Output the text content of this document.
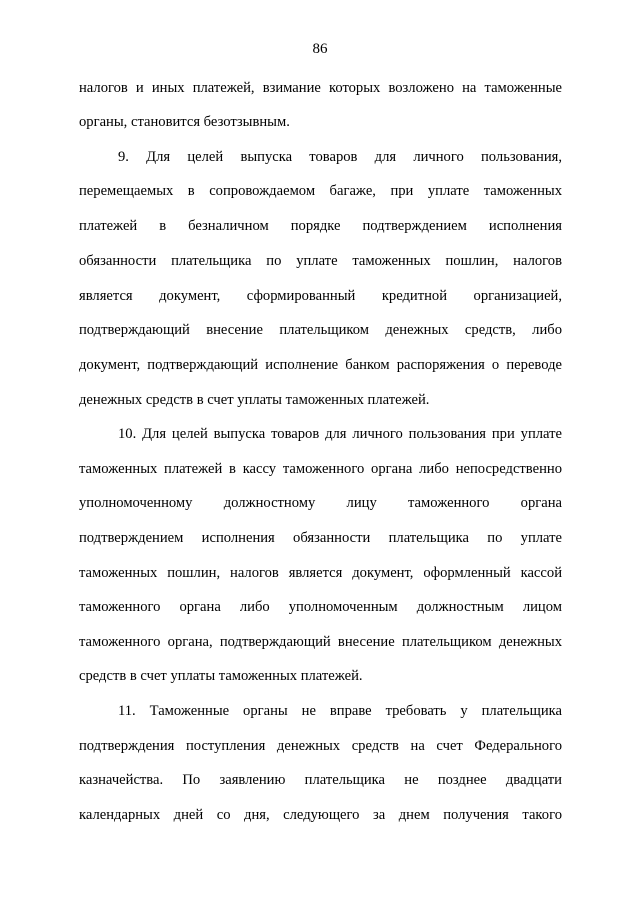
86
налогов и иных платежей, взимание которых возложено на таможенные
органы, становится безотзывным.
9. Для целей выпуска товаров для личного пользования,
перемещаемых в сопровождаемом багаже, при уплате таможенных
платежей в безналичном порядке подтверждением исполнения
обязанности плательщика по уплате таможенных пошлин, налогов
является документ, сформированный кредитной организацией,
подтверждающий внесение плательщиком денежных средств, либо
документ, подтверждающий исполнение банком распоряжения о переводе
денежных средств в счет уплаты таможенных платежей.
10. Для целей выпуска товаров для личного пользования при уплате
таможенных платежей в кассу таможенного органа либо непосредственно
уполномоченному должностному лицу таможенного органа
подтверждением исполнения обязанности плательщика по уплате
таможенных пошлин, налогов является документ, оформленный кассой
таможенного органа либо уполномоченным должностным лицом
таможенного органа, подтверждающий внесение плательщиком денежных
средств в счет уплаты таможенных платежей.
11. Таможенные органы не вправе требовать у плательщика
подтверждения поступления денежных средств на счет Федерального
казначейства. По заявлению плательщика не позднее двадцати
календарных дней со дня, следующего за днем получения такого
